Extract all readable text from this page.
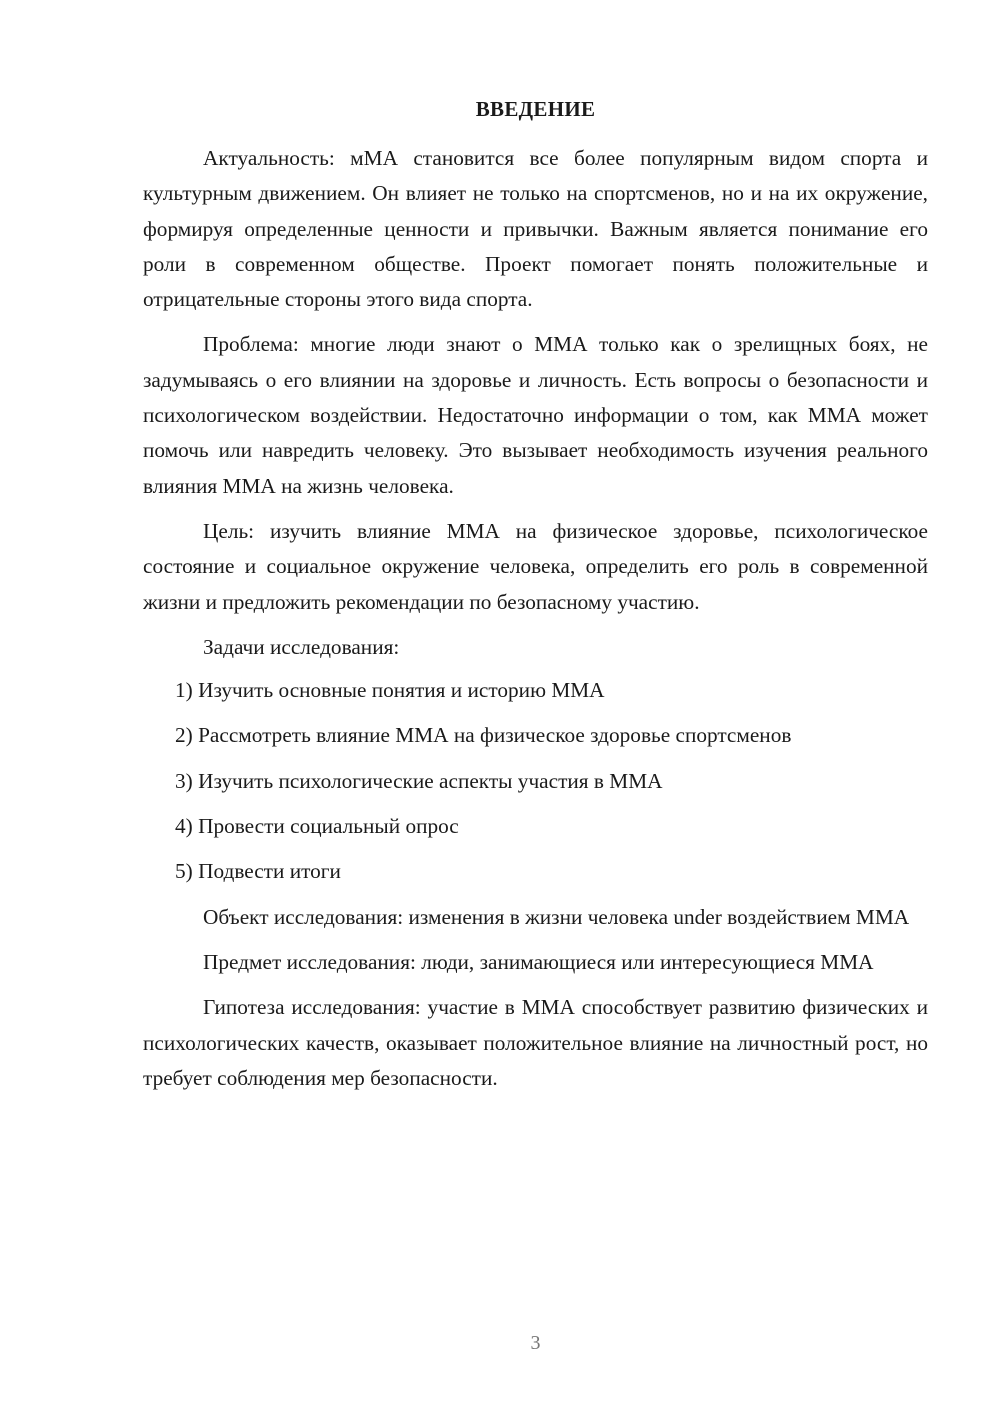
ВВЕДЕНИЕ

Актуальность: мМА становится все более популярным видом спорта и культурным движением. Он влияет не только на спортсменов, но и на их окружение, формируя определенные ценности и привычки. Важным является понимание его роли в современном обществе. Проект помогает понять положительные и отрицательные стороны этого вида спорта.

Проблема: многие люди знают о ММА только как о зрелищных боях, не задумываясь о его влиянии на здоровье и личность. Есть вопросы о безопасности и психологическом воздействии. Недостаточно информации о том, как ММА может помочь или навредить человеку. Это вызывает необходимость изучения реального влияния ММА на жизнь человека.

Цель: изучить влияние ММА на физическое здоровье, психологическое состояние и социальное окружение человека, определить его роль в современной жизни и предложить рекомендации по безопасному участию.

Задачи исследования:

1) Изучить основные понятия и историю ММА
2) Рассмотреть влияние ММА на физическое здоровье спортсменов
3) Изучить психологические аспекты участия в ММА
4) Провести социальный опрос
5) Подвести итоги

Объект исследования: изменения в жизни человека under воздействием ММА

Предмет исследования: люди, занимающиеся или интересующиеся ММА

Гипотеза исследования: участие в ММА способствует развитию физических и психологических качеств, оказывает положительное влияние на личностный рост, но требует соблюдения мер безопасности.

3
